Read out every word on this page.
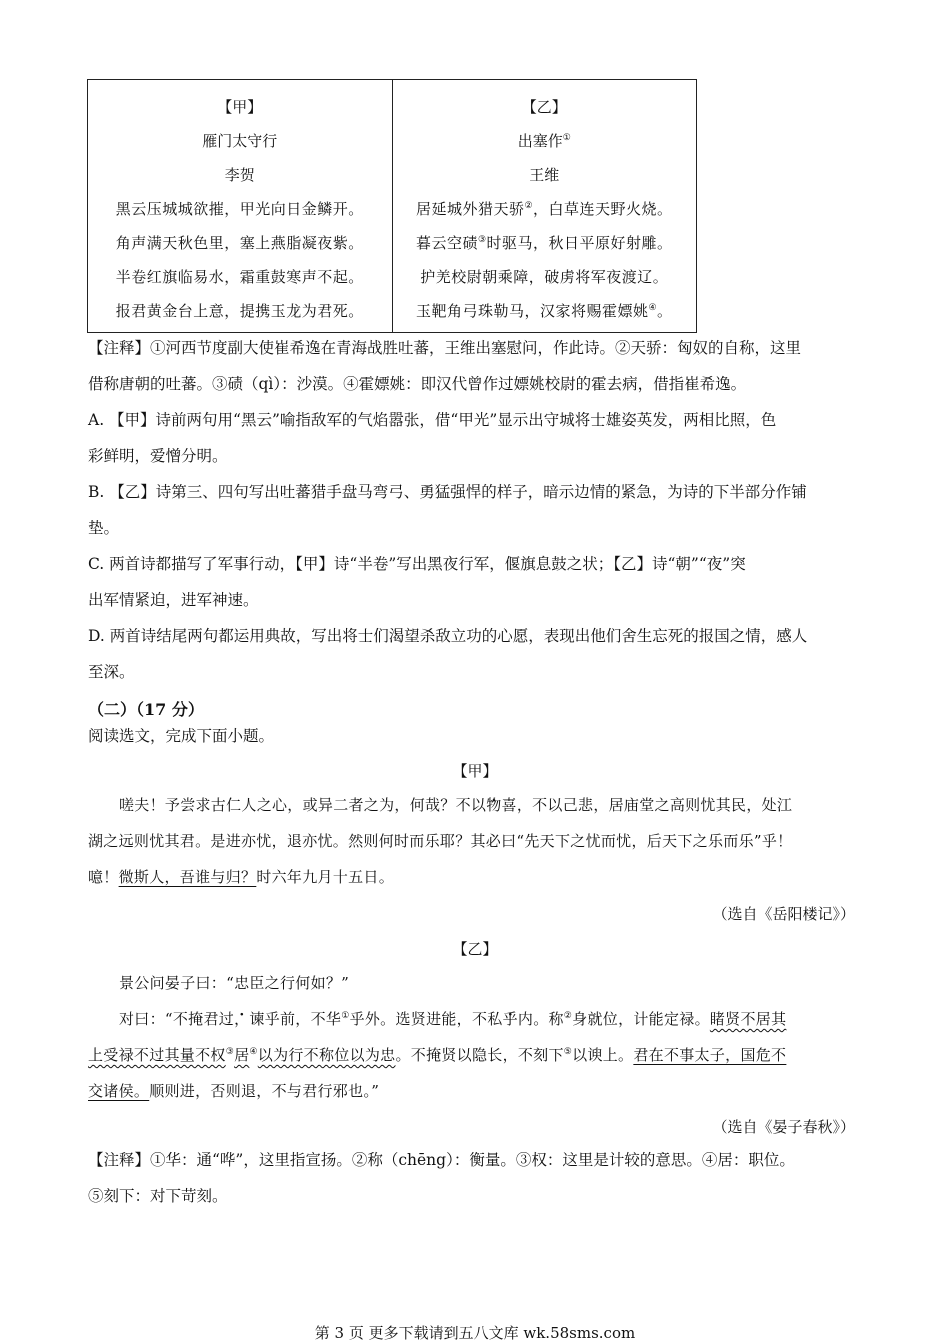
【甲】
雁门太守行
李贺
黑云压城城欲摧，甲光向日金鳞开。
角声满天秋色里，塞上燕脂凝夜紫。
半卷红旗临易水，霜重鼓寒声不起。
报君黄金台上意，提携玉龙为君死。
【乙】
出塞作①
王维
居延城外猎天骄②，白草连天野火烧。
暮云空碛③时驱马，秋日平原好射雕。
护羌校尉朝乘障，破虏将军夜渡辽。
玉靶角弓珠勒马，汉家将赐霍嫖姚④。

【注释】①河西节度副大使崔希逸在青海战胜吐蕃，王维出塞慰问，作此诗。②天骄：匈奴的自称，这里

借称唐朝的吐蕃。③碛（qì）：沙漠。④霍嫖姚：即汉代曾作过嫖姚校尉的霍去病，借指崔希逸。

A. 【甲】诗前两句用“黑云”喻指敌军的气焰嚣张，借“甲光”显示出守城将士雄姿英发，两相比照，色

彩鲜明，爱憎分明。

B. 【乙】诗第三、四句写出吐蕃猎手盘马弯弓、勇猛强悍的样子，暗示边情的紧急，为诗的下半部分作铺

垫。

C. 两首诗都描写了军事行动，【甲】诗“半卷”写出黑夜行军，偃旗息鼓之状；【乙】诗“朝”“夜”突

出军情紧迫，进军神速。

D. 两首诗结尾两句都运用典故，写出将士们渴望杀敌立功的心愿，表现出他们舍生忘死的报国之情，感人

至深。

（二）（17 分）

阅读选文，完成下面小题。

【甲】

嗟夫！予尝求古仁人之心，或异二者之为，何哉？不以 ·物喜，不以己悲，居庙堂之高则忧其民，处江

湖之远则忧其君。是进亦忧，退亦忧。然则何时而乐耶？其必曰“先天下之忧而忧，后天下之乐而乐”乎！

噫！微斯人，吾谁与归？时六年九月十五日。

（选自《岳阳楼记》）
【乙】

景公问晏子曰：“忠臣之行何如？”

对曰：“不掩君过 ·，谏乎前，不华①乎外。选贤进能，不私 ·乎内。称②身就位，计能定禄。睹贤不居其

上受禄不过其量不权③居④以为行不称位以为忠。不掩贤以隐长，不刻下⑤以谀上。君在不事太子，国危不

交诸侯。顺则进，否则退，不与君行邪也。”

（选自《晏子春秋》）

【注释】①华：通“哗”，这里指宣扬。②称（chēng）：衡量。③权：这里是计较的意思。④居：职位。

⑤刻下：对下苛刻。

第 3 页 更多下载请到五八文库 wk.58sms.com
